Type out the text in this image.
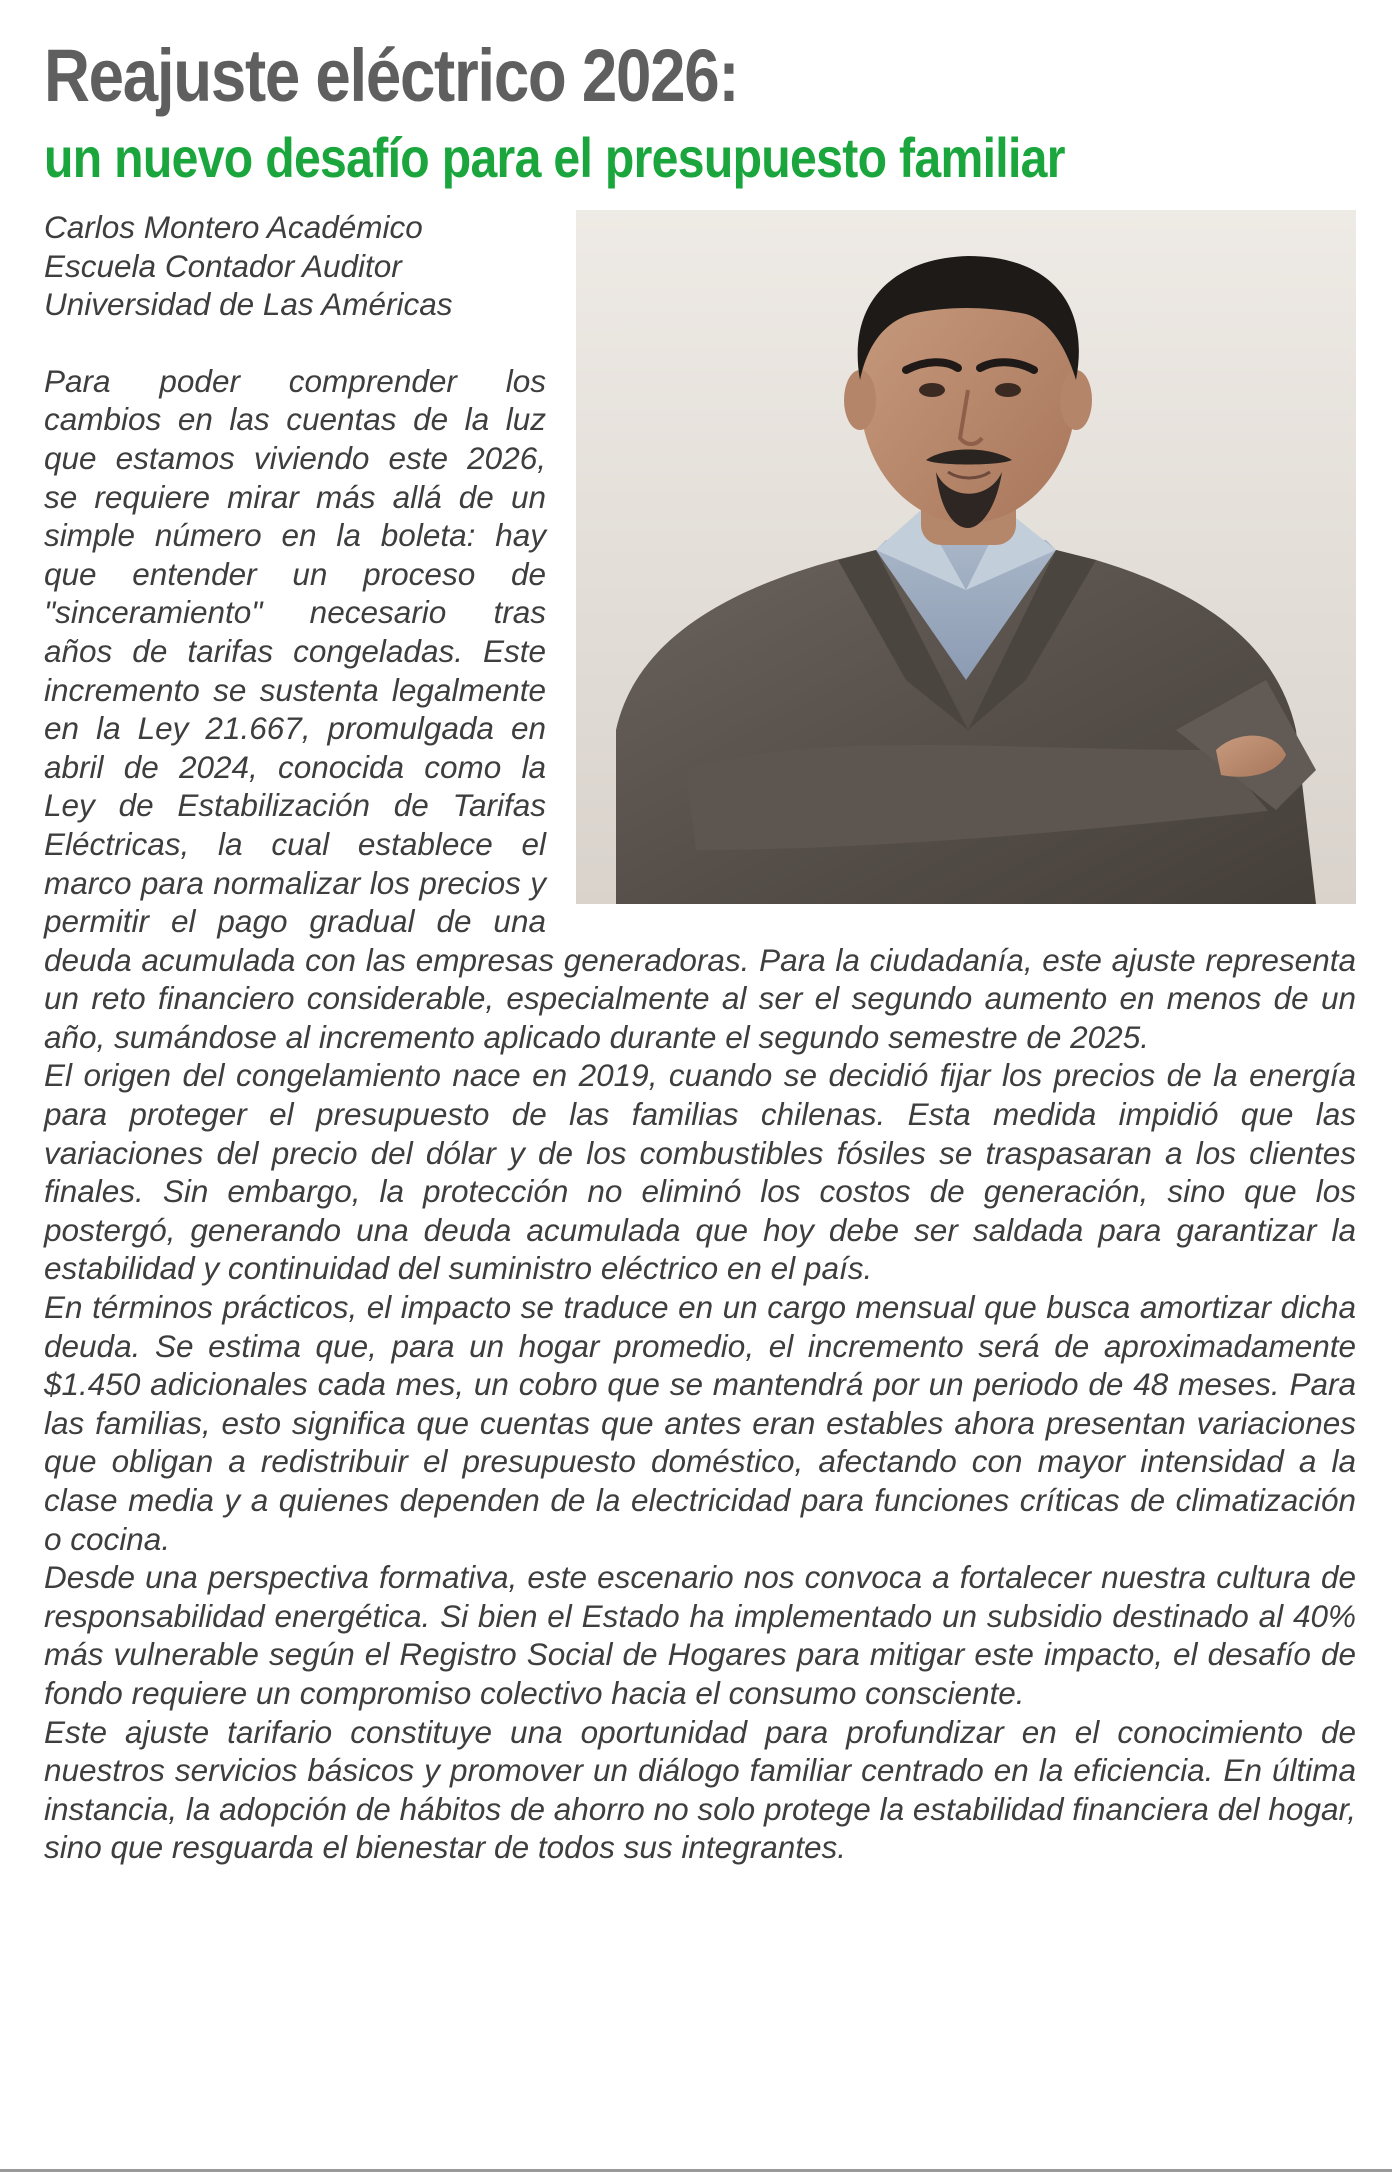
Reajuste eléctrico 2026:
un nuevo desafío para el presupuesto familiar
Carlos Montero Académico
Escuela Contador Auditor
Universidad de Las Américas

Para poder comprender los cambios en las cuentas de la luz que estamos viviendo este 2026, se requiere mirar más allá de un simple número en la boleta: hay que entender un proceso de "sinceramiento" necesario tras años de tarifas congeladas. Este incremento se sustenta legalmente en la Ley 21.667, promulgada en abril de 2024, conocida como la Ley de Estabilización de Tarifas Eléctricas, la cual establece el marco para normalizar los precios y permitir el pago gradual de una deuda acumulada con las empresas generadoras. Para la ciudadanía, este ajuste representa un reto financiero considerable, especialmente al ser el segundo aumento en menos de un año, sumándose al incremento aplicado durante el segundo semestre de 2025.

El origen del congelamiento nace en 2019, cuando se decidió fijar los precios de la energía para proteger el presupuesto de las familias chilenas. Esta medida impidió que las variaciones del precio del dólar y de los combustibles fósiles se traspasaran a los clientes finales. Sin embargo, la protección no eliminó los costos de generación, sino que los postergó, generando una deuda acumulada que hoy debe ser saldada para garantizar la estabilidad y continuidad del suministro eléctrico en el país.

En términos prácticos, el impacto se traduce en un cargo mensual que busca amortizar dicha deuda. Se estima que, para un hogar promedio, el incremento será de aproximadamente $1.450 adicionales cada mes, un cobro que se mantendrá por un periodo de 48 meses. Para las familias, esto significa que cuentas que antes eran estables ahora presentan variaciones que obligan a redistribuir el presupuesto doméstico, afectando con mayor intensidad a la clase media y a quienes dependen de la electricidad para funciones críticas de climatización o cocina.

Desde una perspectiva formativa, este escenario nos convoca a fortalecer nuestra cultura de responsabilidad energética. Si bien el Estado ha implementado un subsidio destinado al 40% más vulnerable según el Registro Social de Hogares para mitigar este impacto, el desafío de fondo requiere un compromiso colectivo hacia el consumo consciente.

Este ajuste tarifario constituye una oportunidad para profundizar en el conocimiento de nuestros servicios básicos y promover un diálogo familiar centrado en la eficiencia. En última instancia, la adopción de hábitos de ahorro no solo protege la estabilidad financiera del hogar, sino que resguarda el bienestar de todos sus integrantes.
